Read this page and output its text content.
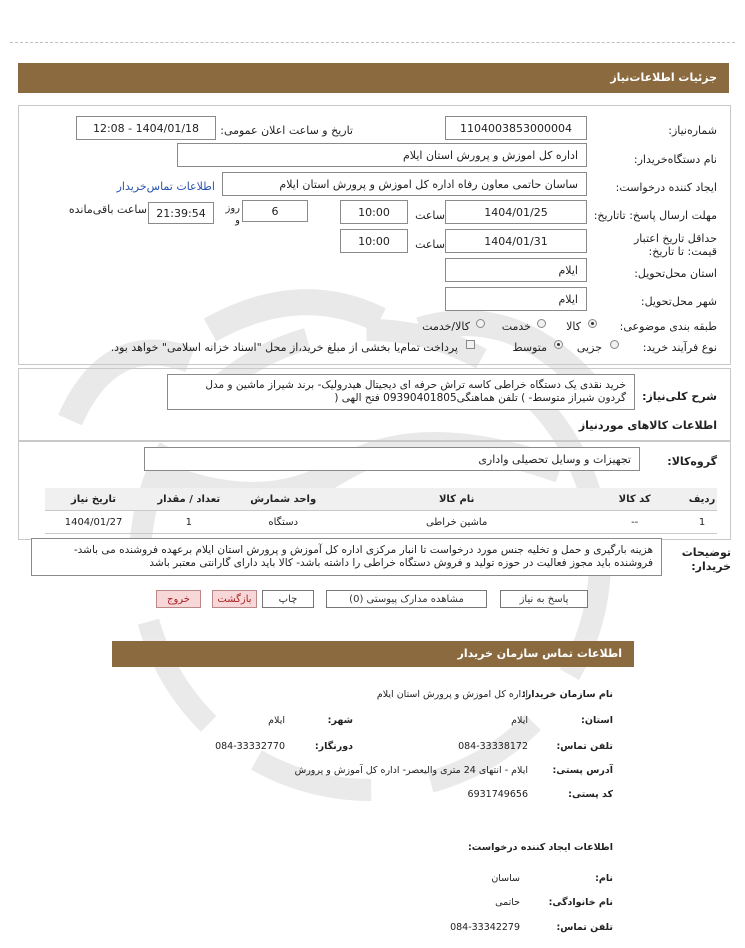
جزئیات اطلاعات‌نیاز
شماره‌نیاز:
1104003853000004
تاریخ و ساعت اعلان عمومی:
1404/01/18 - 12:08
نام دستگاه‌خریدار:
اداره کل اموزش و پرورش استان ایلام
ایجاد کننده درخواست:
ساسان حاتمی معاون رفاه اداره کل اموزش و پرورش استان ایلام
اطلاعات تماس‌خریدار
مهلت ارسال پاسخ: تاتاریخ:
1404/01/25
ساعت
10:00
6
روز و
21:39:54
ساعت باقی‌مانده
حداقل تاریخ اعتبار قیمت: تا تاریخ:
1404/01/31
ساعت
10:00
استان محل‌تحویل:
ایلام
شهر محل‌تحویل:
ایلام
طبقه بندی موضوعی:
کالا
خدمت
کالا/خدمت
نوع فرآیند خرید:
جزیی
متوسط
پرداخت تمام‌یا بخشی از مبلغ خرید،از محل "اسناد خزانه اسلامی" خواهد بود.
شرح کلی‌نیاز:
خرید نقدی یک دستگاه خراطی کاسه تراش حرفه ای دیجیتال هیدرولیک- برند شیراز ماشین و مدل گردون شیراز متوسط- ) تلفن هماهنگی09390401805 فتح الهی (
اطلاعات کالاهای موردنیاز
گروه‌کالا:
تجهیزات و وسایل تحصیلی واداری
ردیف	کد کالا	نام کالا	واحد شمارش	تعداد / مقدار	تاریخ نیاز
1	--	ماشین خراطی	دستگاه	1	1404/01/27
توضیحات خریدار:
هزینه بارگیری و حمل و تخلیه جنس مورد درخواست تا انبار مرکزی اداره کل آموزش و پرورش استان ایلام برعهده فروشنده می باشد- فروشنده باید مجوز فعالیت در حوزه تولید و فروش دستگاه خراطی را داشته باشد- کالا باید دارای گارانتی معتبر باشد
پاسخ به نیاز
مشاهده مدارک پیوستی (0)
چاپ
بازگشت
خروج
اطلاعات تماس سازمان خریدار
نام سازمان خریدار:
اداره کل اموزش و پرورش استان ایلام
استان:
ایلام
شهر:
ایلام
تلفن تماس:
084-33338172
دورنگار:
084-33332770
آدرس پستی:
ایلام - انتهای 24 متری والیعصر- اداره کل آموزش و پرورش
کد پستی:
6931749656
اطلاعات ایجاد کننده درخواست:
نام:
ساسان
نام خانوادگی:
حاتمی
تلفن تماس:
084-33342279
